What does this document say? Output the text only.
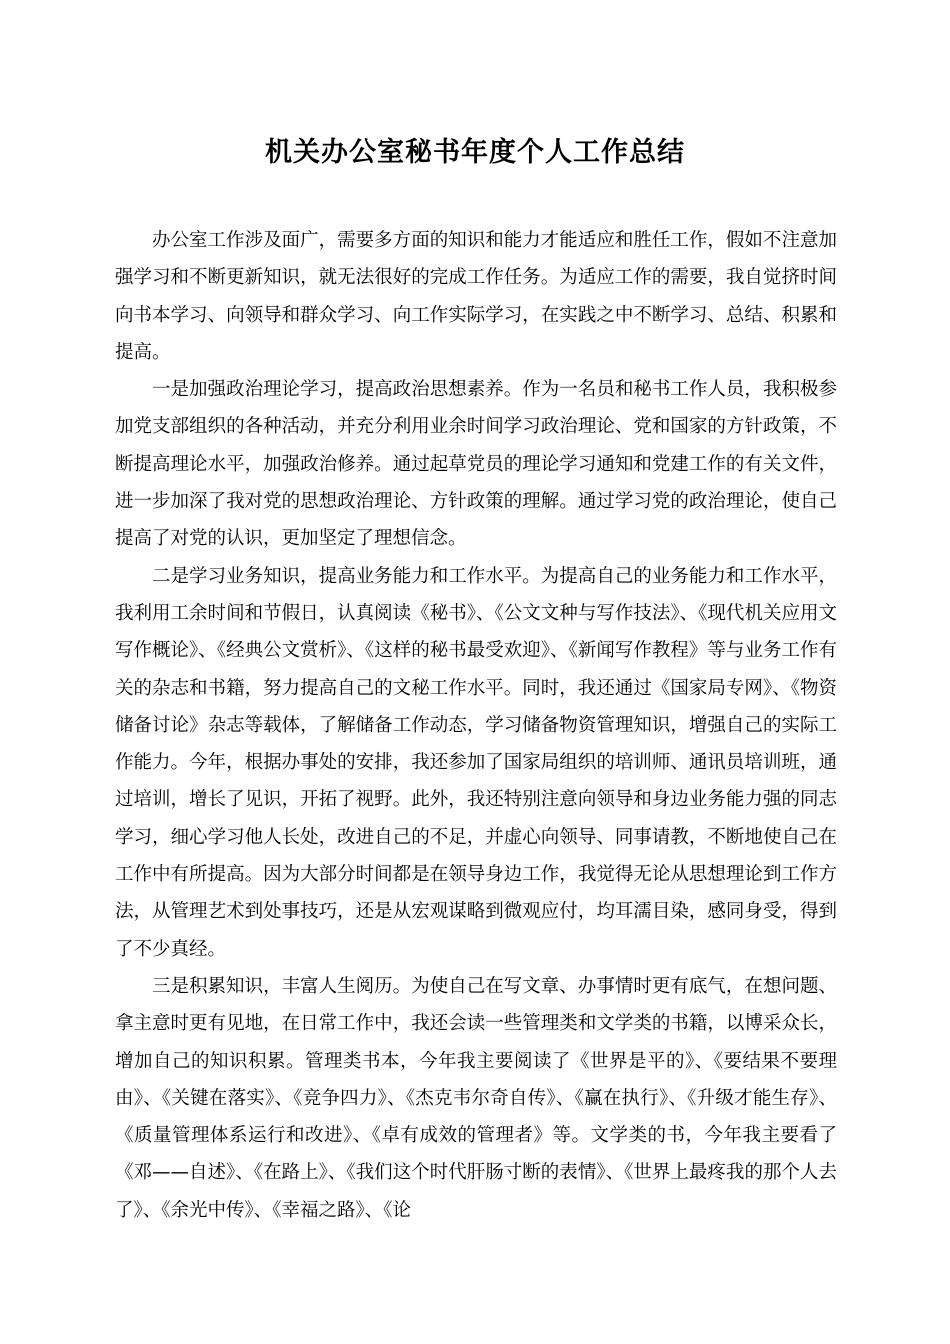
机关办公室秘书年度个人工作总结

办公室工作涉及面广，需要多方面的知识和能力才能适应和胜任工作，假如不注意加强学习和不断更新知识，就无法很好的完成工作任务。为适应工作的需要，我自觉挤时间向书本学习、向领导和群众学习、向工作实际学习，在实践之中不断学习、总结、积累和提高。

一是加强政治理论学习，提高政治思想素养。作为一名员和秘书工作人员，我积极参加党支部组织的各种活动，并充分利用业余时间学习政治理论、党和国家的方针政策，不断提高理论水平，加强政治修养。通过起草党员的理论学习通知和党建工作的有关文件，进一步加深了我对党的思想政治理论、方针政策的理解。通过学习党的政治理论，使自己提高了对党的认识，更加坚定了理想信念。

二是学习业务知识，提高业务能力和工作水平。为提高自己的业务能力和工作水平，我利用工余时间和节假日，认真阅读《秘书》、《公文文种与写作技法》、《现代机关应用文写作概论》、《经典公文赏析》、《这样的秘书最受欢迎》、《新闻写作教程》等与业务工作有关的杂志和书籍，努力提高自己的文秘工作水平。同时，我还通过《国家局专网》、《物资储备讨论》杂志等载体，了解储备工作动态，学习储备物资管理知识，增强自己的实际工作能力。今年，根据办事处的安排，我还参加了国家局组织的培训师、通讯员培训班，通过培训，增长了见识，开拓了视野。此外，我还特别注意向领导和身边业务能力强的同志学习，细心学习他人长处，改进自己的不足，并虚心向领导、同事请教，不断地使自己在工作中有所提高。因为大部分时间都是在领导身边工作，我觉得无论从思想理论到工作方法，从管理艺术到处事技巧，还是从宏观谋略到微观应付，均耳濡目染，感同身受，得到了不少真经。

三是积累知识，丰富人生阅历。为使自己在写文章、办事情时更有底气，在想问题、拿主意时更有见地，在日常工作中，我还会读一些管理类和文学类的书籍，以博采众长，增加自己的知识积累。管理类书本，今年我主要阅读了《世界是平的》、《要结果不要理由》、《关键在落实》、《竞争四力》、《杰克韦尔奇自传》、《赢在执行》、《升级才能生存》、《质量管理体系运行和改进》、《卓有成效的管理者》等。文学类的书，今年我主要看了《邓——自述》、《在路上》、《我们这个时代肝肠寸断的表情》、《世界上最疼我的那个人去了》、《余光中传》、《幸福之路》、《论
